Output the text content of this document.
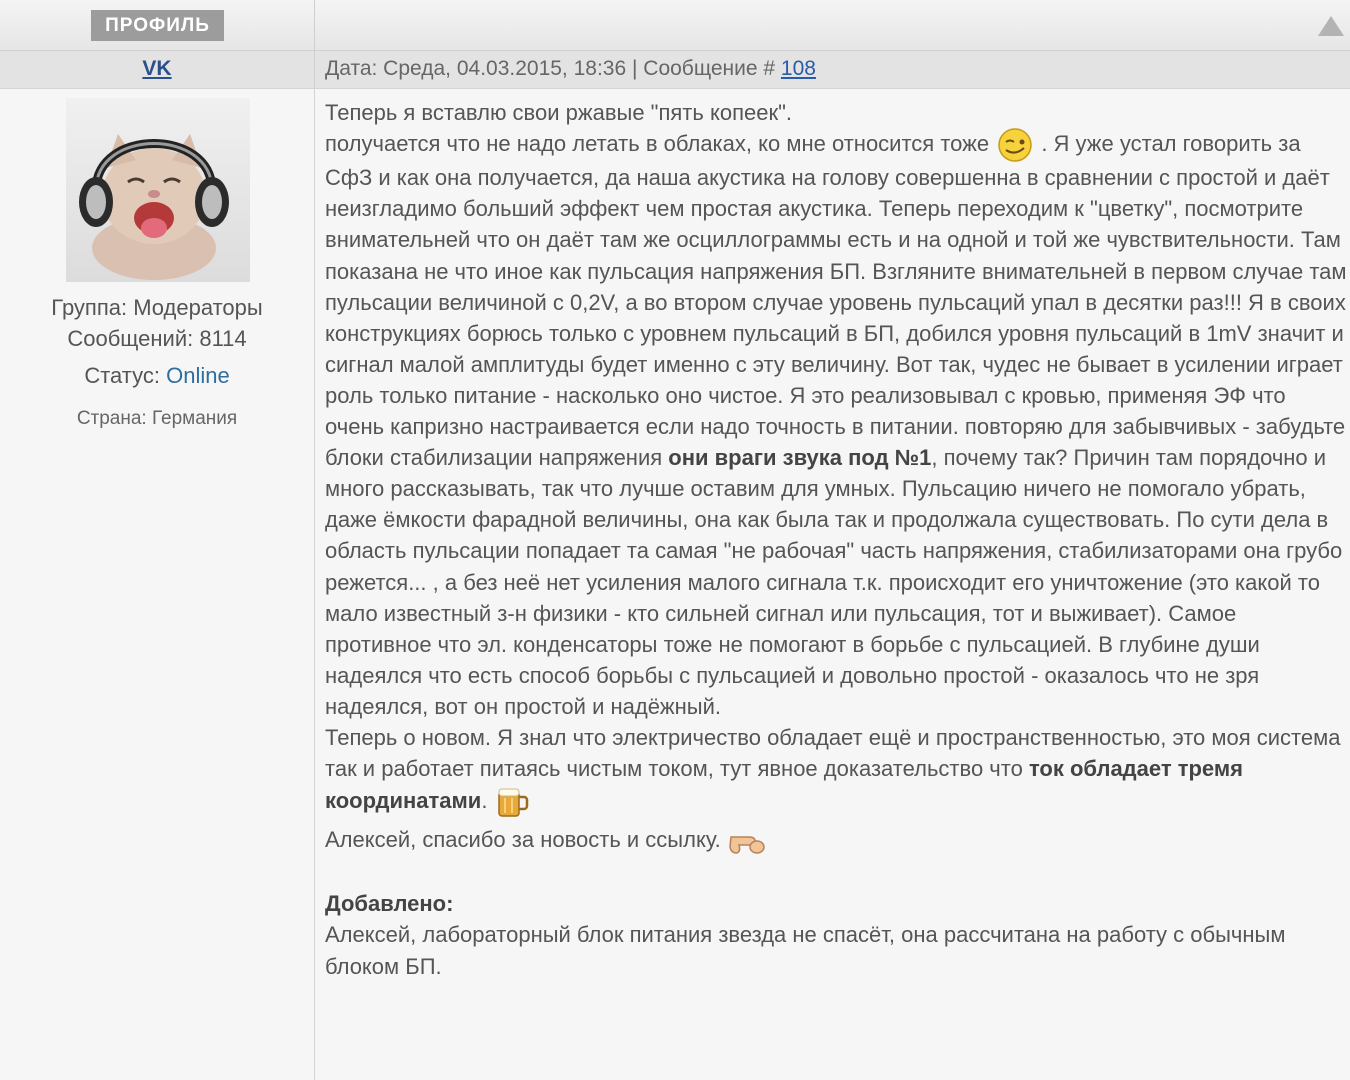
ПРОФИЛЬ
VK	Дата: Среда, 04.03.2015, 18:36 | Сообщение # 108
Группа: Модераторы
Сообщений: 8114
Статус: Online
Страна: Германия

Теперь я вставлю свои ржавые "пять копеек".

получается что не надо летать в облаках, ко мне относится тоже  . Я уже устал говорить за СфЗ и как она получается, да наша акустика на голову совершенна в сравнении с простой и даёт неизгладимо больший эффект чем простая акустика. Теперь переходим к "цветку", посмотрите внимательней что он даёт там же осциллограммы есть и на одной и той же чувствительности. Там показана не что иное как пульсация напряжения БП. Взгляните внимательней в первом случае там пульсации величиной с 0,2V, а во втором случае уровень пульсаций упал в десятки раз!!! Я в своих конструкциях борюсь только с уровнем пульсаций в БП, добился уровня пульсаций в 1mV значит и сигнал малой амплитуды будет именно с эту величину. Вот так, чудес не бывает в усилении играет роль только питание - насколько оно чистое. Я это реализовывал с кровью, применяя ЭФ что очень капризно настраивается если надо точность в питании. повторяю для забывчивых - забудьте блоки стабилизации напряжения они враги звука под №1, почему так? Причин там порядочно и много рассказывать, так что лучше оставим для умных. Пульсацию ничего не помогало убрать, даже ёмкости фарадной величины, она как была так и продолжала существовать. По сути дела в область пульсации попадает та самая "не рабочая" часть напряжения, стабилизаторами она грубо режется... , а без неё нет усиления малого сигнала т.к. происходит его уничтожение (это какой то мало известный з-н физики - кто сильней сигнал или пульсация, тот и выживает). Самое противное что эл. конденсаторы тоже не помогают в борьбе с пульсацией. В глубине души надеялся что есть способ борьбы с пульсацией и довольно простой - оказалось что не зря надеялся, вот он простой и надёжный.

Теперь о новом. Я знал что электричество обладает ещё и пространственностью, это моя система так и работает питаясь чистым током, тут явное доказательство что ток обладает тремя координатами.

Алексей, спасибо за новость и ссылку.

Добавлено:

Алексей, лабораторный блок питания звезда не спасёт, она рассчитана на работу с обычным блоком БП.
